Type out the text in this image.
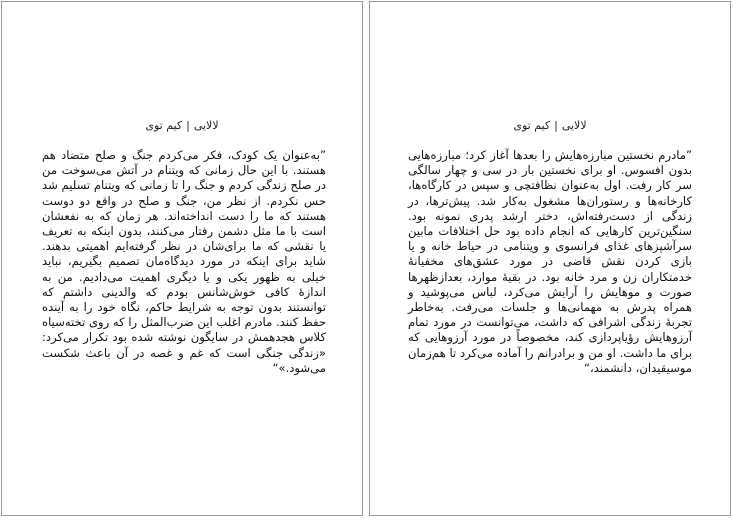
لالایی|کیم توی
”به‌عنوان یک کودک، فکر می‌کردم جنگ و صلح متضاد هم هستند. با این حال زمانی که ویتنام در آتش می‌سوخت من در صلح زندگی کردم و جنگ را تا زمانی که ویتنام تسلیم شد حس نکردم. از نظر من، جنگ و صلح در واقع دو دوست هستند که ما را دست انداخته‌اند. هر زمان که به نفعشان است با ما مثل دشمن رفتار می‌کنند، بدون اینکه به تعریف یا نقشی که ما برای‌شان در نظر گرفته‌ایم اهمیتی بدهند. شاید برای اینکه در مورد دیدگاه‌مان تصمیم بگیریم، نباید خیلی به ظهور یکی و یا دیگری اهمیت می‌دادیم. من به اندازهٔ کافی خوش‌شانس بودم که والدینی داشتم که توانستند بدون توجه به شرایط حاکم، نگاه خود را به آینده حفظ کنند. مادرم اغلب این ضرب‌المثل را که روی تخته‌سیاه کلاس هجدهمش در سایگون نوشته شده بود تکرار می‌کرد: «زندگی جنگی است که غم و غصه در آن باعث شکست می‌شود.»“
لالایی|کیم توی
”مادرم نخستین مبارزه‌هایش را بعدها آغاز کرد؛ مبارزه‌هایی بدون افسوس. او برای نخستین بار در سی و چهار سالگی سر کار رفت. اول به‌عنوان نظافتچی و سپس در کارگاه‌ها، کارخانه‌ها و رستوران‌ها مشغول به‌کار شد. پیش‌ترها، در زندگی از دست‌رفته‌اش، دختر ارشد پدری نمونه بود. سنگین‌ترین کارهایی که انجام داده بود حل اختلافات مابین سرآشپزهای غذای فرانسوی و ویتنامی در حیاط خانه و یا بازی کردن نقش قاضی در مورد عشق‌های مخفیانهٔ خدمتکاران زن و مرد خانه بود. در بقیهٔ موارد، بعدازظهرها صورت و موهایش را آرایش می‌کرد، لباس می‌پوشید و همراه پدرش به مهمانی‌ها و جلسات می‌رفت. به‌خاطر تجربهٔ زندگی اشرافی که داشت، می‌توانست در مورد تمام آرزوهایش رؤیاپردازی کند، مخصوصاً در مورد آرزوهایی که برای ما داشت. او من و برادرانم را آماده می‌کرد تا هم‌زمان موسیقیدان، دانشمند،“
